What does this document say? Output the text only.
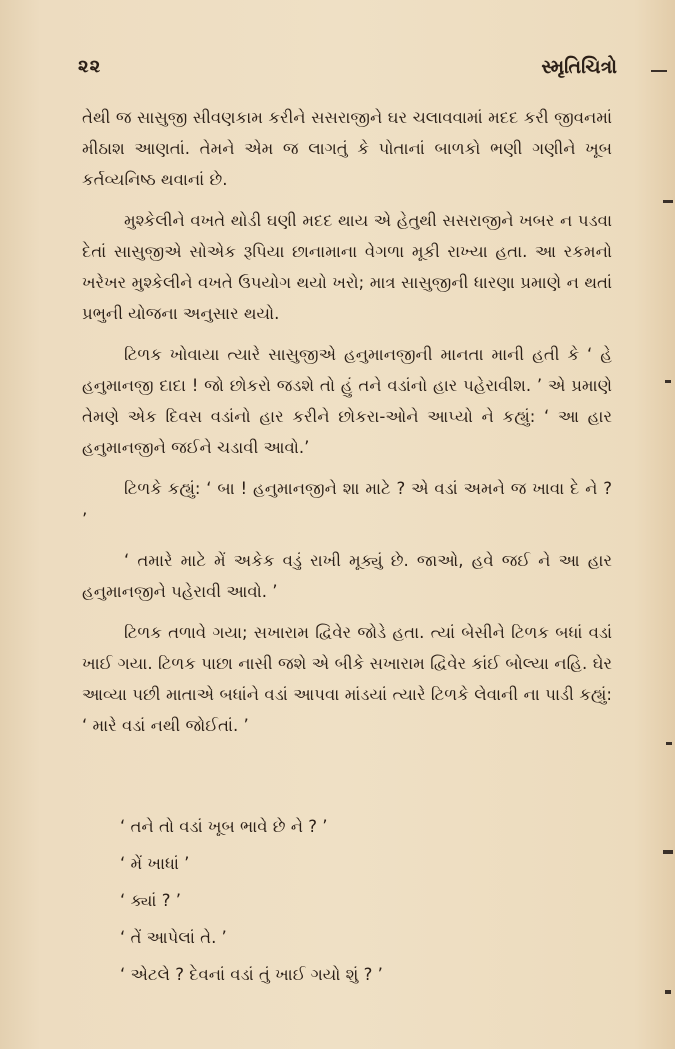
૨૨	સ્મૃતિચિત્રો

તેથી જ સાસુજી સીવણકામ કરીને સસરાજીને ઘર ચલાવવામાં મદદ કરી જીવનમાં મીઠાશ આણતાં. તેમને એમ જ લાગતું કે પોતાનાં બાળકો ભણી ગણીને ખૂબ કર્તવ્યનિષ્ઠ થવાનાં છે.

મુશ્કેલીને વખતે થોડી ઘણી મદદ થાય એ હેતુથી સસરાજીને ખબર ન પડવા દેતાં સાસુજીએ સોએક રૂપિયા છાનામાના વેગળા મૂકી રાખ્યા હતા. આ રકમનો ખરેખર મુશ્કેલીને વખતે ઉપયોગ થયો ખરો; માત્ર સાસુજીની ધારણા પ્રમાણે ન થતાં પ્રભુની યોજના અનુસાર થયો.

ટિળક ખોવાયા ત્યારે સાસુજીએ હનુમાનજીની માનતા માની હતી કે ‘ હે હનુમાનજી દાદા ! જો છોકરો જડશે તો હું તને વડાંનો હાર પહેરાવીશ. ’ એ પ્રમાણે તેમણે એક દિવસ વડાંનો હાર કરીને છોકરા-ઓને આપ્યો ને કહ્યું: ‘ આ હાર હનુમાનજીને જઈને ચડાવી આવો.’

ટિળકે કહ્યું: ‘ બા ! હનુમાનજીને શા માટે ? એ વડાં અમને જ ખાવા દે ને ? ’

‘ તમારે માટે મેં અકેક વડું રાખી મૂક્યું છે. જાઓ, હવે જઈ ને આ હાર હનુમાનજીને પહેરાવી આવો. ’

ટિળક તળાવે ગયા; સખારામ દ્વિવેર જોડે હતા. ત્યાં બેસીને ટિળક બધાં વડાં ખાઈ ગયા. ટિળક પાછા નાસી જશે એ બીકે સખારામ દ્વિવેર કાંઈ બોલ્યા નહિ. ઘેર આવ્યા પછી માતાએ બધાંને વડાં આપવા માંડયાં ત્યારે ટિળકે લેવાની ના પાડી કહ્યું: ‘ મારે વડાં નથી જોઈતાં. ’

‘ તને તો વડાં ખૂબ ભાવે છે ને ? ’
‘ મેં ખાધાં ’
‘ ક્યાં ? ’
‘ તેં આપેલાં તે. ’
‘ એટલે ? દેવનાં વડાં તું ખાઈ ગયો શું ? ’
